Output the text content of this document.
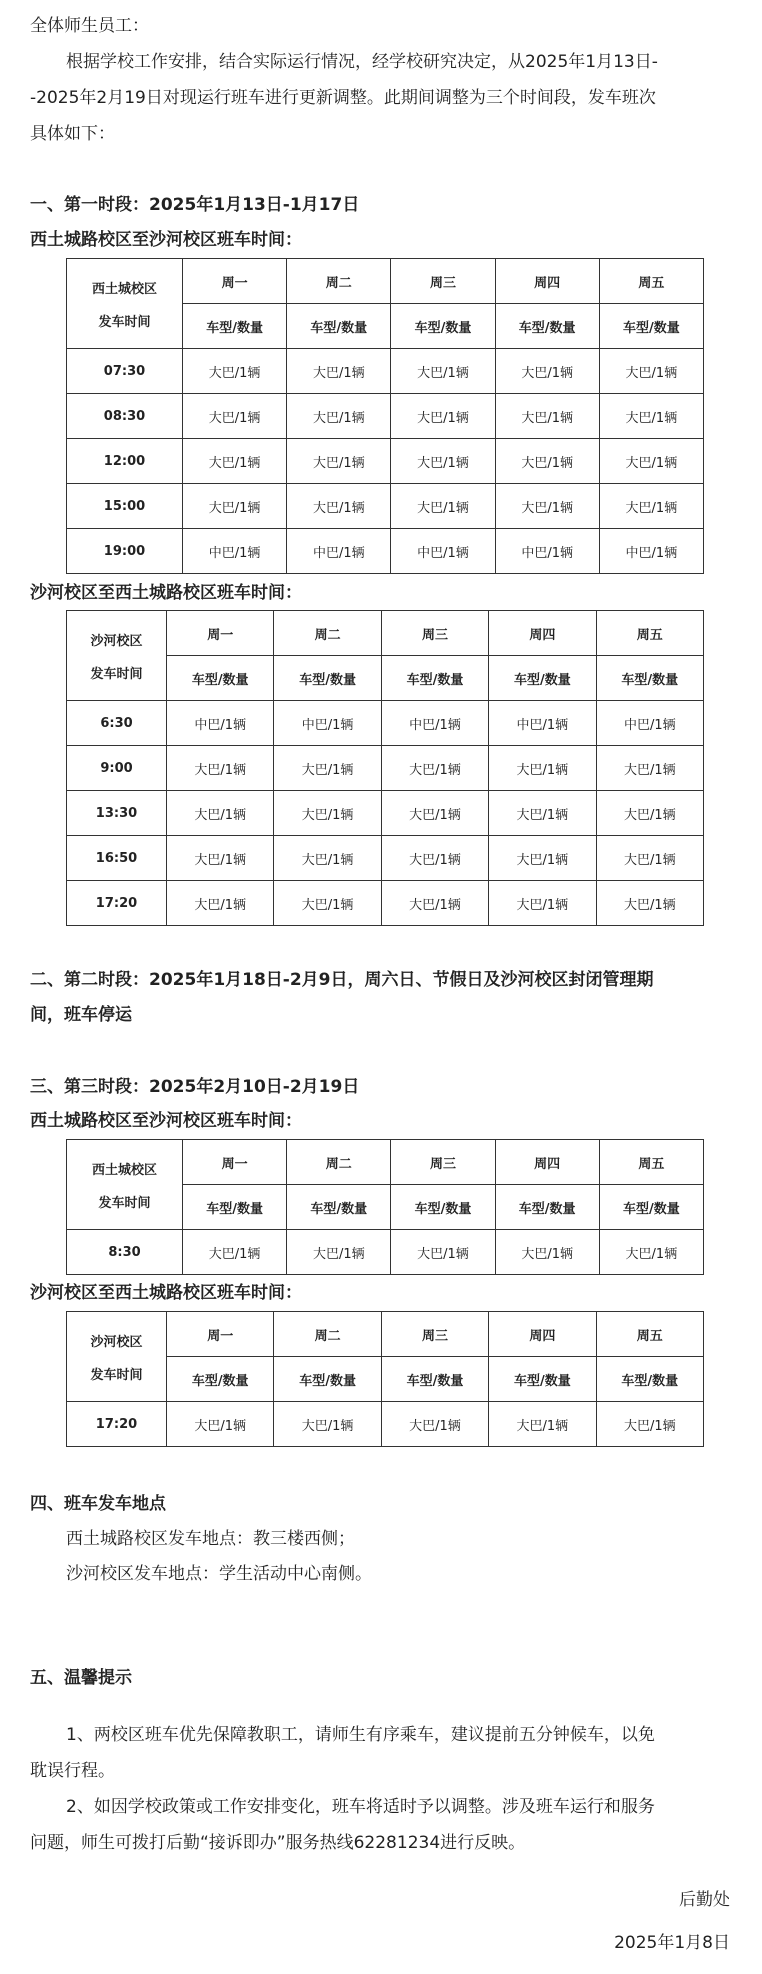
全体师生员工：
根据学校工作安排，结合实际运行情况，经学校研究决定，从2025年1月13日-
-2025年2月19日对现运行班车进行更新调整。此期间调整为三个时间段，发车班次
具体如下：
一、第一时段：2025年1月13日-1月17日
西土城路校区至沙河校区班车时间：
西土城校区
发车时间	周一	周二	周三	周四	周五
	车型/数量	车型/数量	车型/数量	车型/数量	车型/数量
07:30	大巴/1辆	大巴/1辆	大巴/1辆	大巴/1辆	大巴/1辆
08:30	大巴/1辆	大巴/1辆	大巴/1辆	大巴/1辆	大巴/1辆
12:00	大巴/1辆	大巴/1辆	大巴/1辆	大巴/1辆	大巴/1辆
15:00	大巴/1辆	大巴/1辆	大巴/1辆	大巴/1辆	大巴/1辆
19:00	中巴/1辆	中巴/1辆	中巴/1辆	中巴/1辆	中巴/1辆
沙河校区至西土城路校区班车时间：
沙河校区
发车时间	周一	周二	周三	周四	周五
	车型/数量	车型/数量	车型/数量	车型/数量	车型/数量
6:30	中巴/1辆	中巴/1辆	中巴/1辆	中巴/1辆	中巴/1辆
9:00	大巴/1辆	大巴/1辆	大巴/1辆	大巴/1辆	大巴/1辆
13:30	大巴/1辆	大巴/1辆	大巴/1辆	大巴/1辆	大巴/1辆
16:50	大巴/1辆	大巴/1辆	大巴/1辆	大巴/1辆	大巴/1辆
17:20	大巴/1辆	大巴/1辆	大巴/1辆	大巴/1辆	大巴/1辆
二、第二时段：2025年1月18日-2月9日，周六日、节假日及沙河校区封闭管理期
间，班车停运
三、第三时段：2025年2月10日-2月19日
西土城路校区至沙河校区班车时间：
西土城校区
发车时间	周一	周二	周三	周四	周五
	车型/数量	车型/数量	车型/数量	车型/数量	车型/数量
8:30	大巴/1辆	大巴/1辆	大巴/1辆	大巴/1辆	大巴/1辆
沙河校区至西土城路校区班车时间：
沙河校区
发车时间	周一	周二	周三	周四	周五
	车型/数量	车型/数量	车型/数量	车型/数量	车型/数量
17:20	大巴/1辆	大巴/1辆	大巴/1辆	大巴/1辆	大巴/1辆
四、班车发车地点
西土城路校区发车地点：教三楼西侧；
沙河校区发车地点：学生活动中心南侧。
五、温馨提示
1、两校区班车优先保障教职工，请师生有序乘车，建议提前五分钟候车，以免
耽误行程。
2、如因学校政策或工作安排变化，班车将适时予以调整。涉及班车运行和服务
问题，师生可拨打后勤“接诉即办”服务热线62281234进行反映。
后勤处
2025年1月8日
